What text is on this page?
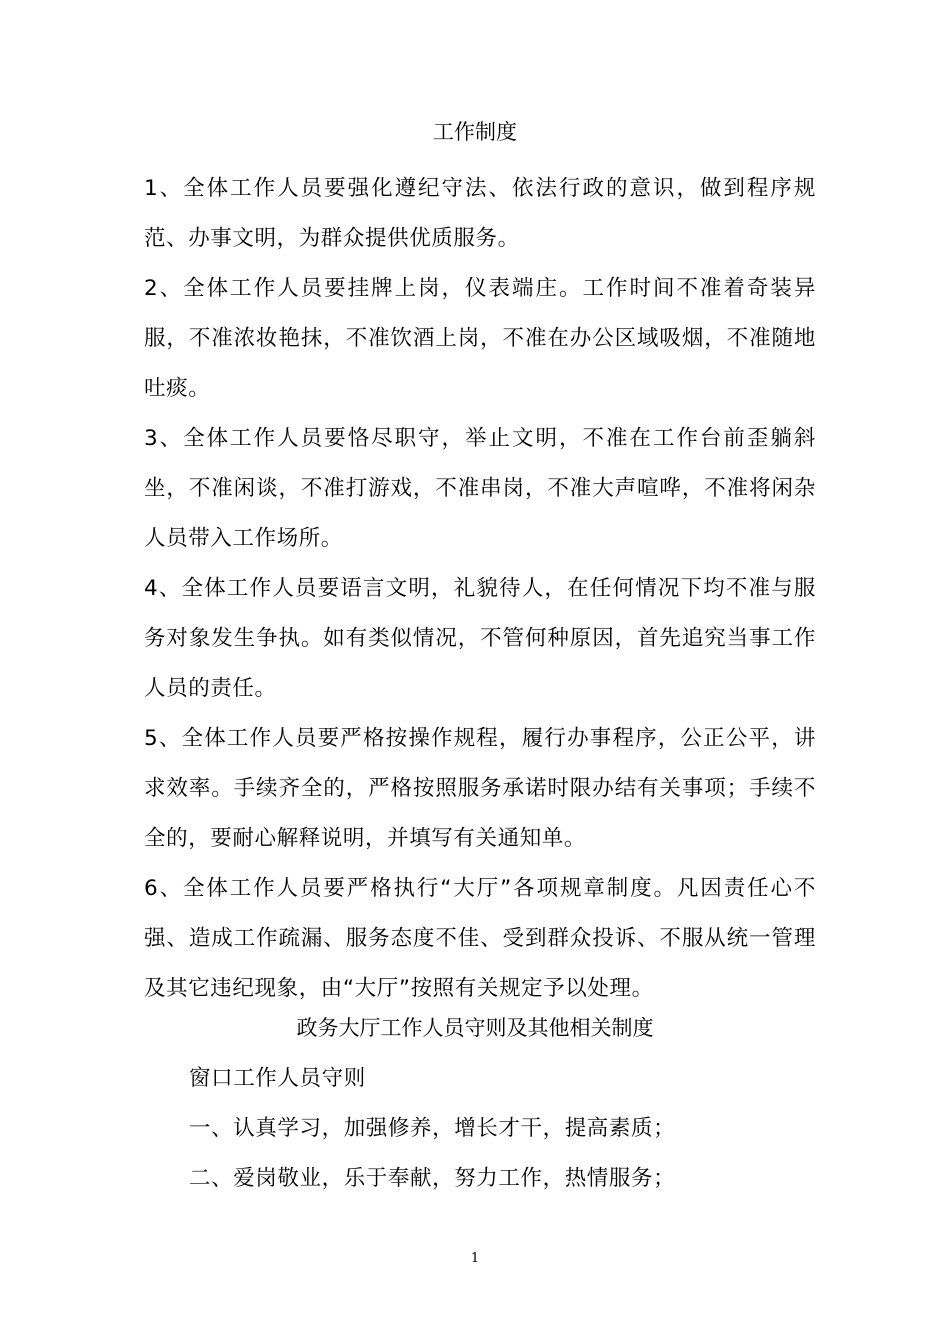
工作制度

1、全体工作人员要强化遵纪守法、依法行政的意识，做到程序规范、办事文明，为群众提供优质服务。

2、全体工作人员要挂牌上岗，仪表端庄。工作时间不准着奇装异服，不准浓妆艳抹，不准饮酒上岗，不准在办公区域吸烟，不准随地吐痰。

3、全体工作人员要恪尽职守，举止文明，不准在工作台前歪躺斜坐，不准闲谈，不准打游戏，不准串岗，不准大声喧哗，不准将闲杂人员带入工作场所。

4、全体工作人员要语言文明，礼貌待人，在任何情况下均不准与服务对象发生争执。如有类似情况，不管何种原因，首先追究当事工作人员的责任。

5、全体工作人员要严格按操作规程，履行办事程序，公正公平，讲求效率。手续齐全的，严格按照服务承诺时限办结有关事项；手续不全的，要耐心解释说明，并填写有关通知单。

6、全体工作人员要严格执行“大厅”各项规章制度。凡因责任心不强、造成工作疏漏、服务态度不佳、受到群众投诉、不服从统一管理及其它违纪现象，由“大厅”按照有关规定予以处理。

政务大厅工作人员守则及其他相关制度
窗口工作人员守则
一、认真学习，加强修养，增长才干，提高素质；
二、爱岗敬业，乐于奉献，努力工作，热情服务；
1
